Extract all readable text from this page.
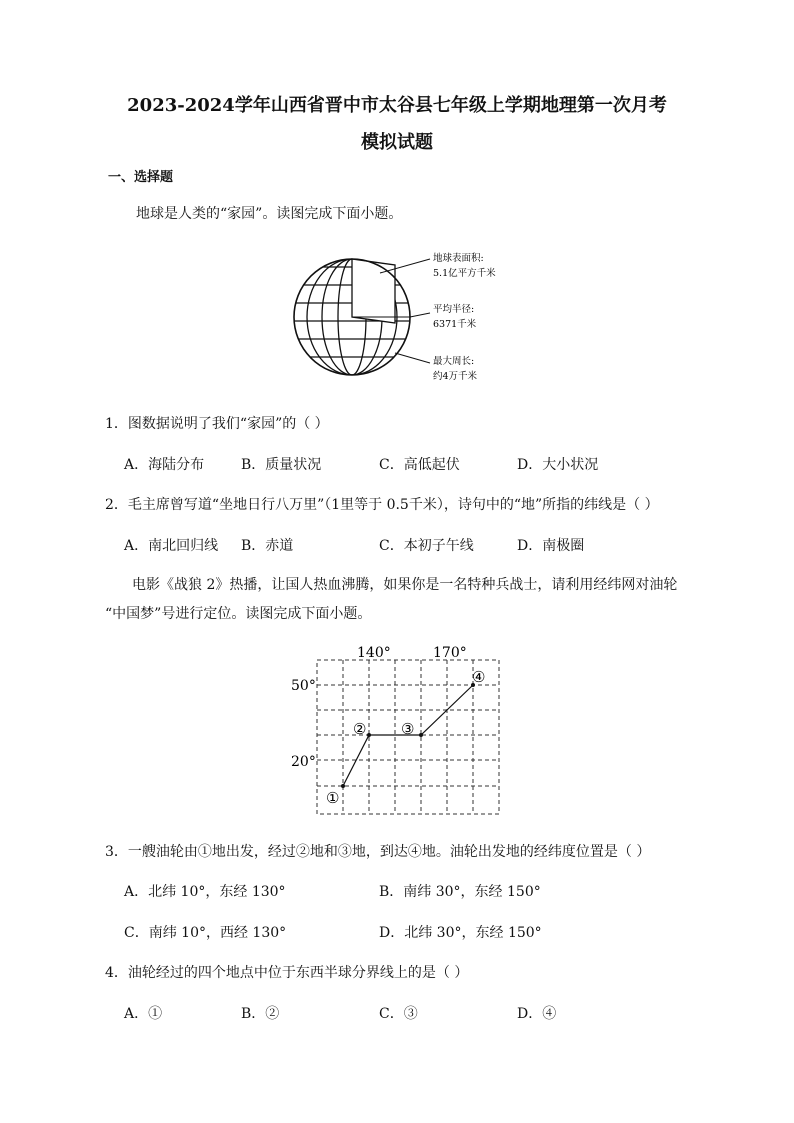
2023-2024学年山西省晋中市太谷县七年级上学期地理第一次月考
模拟试题
一、选择题
地球是人类的“家园”。读图完成下面小题。
地球表面积:
5.1亿平方千米
平均半径:
6371千米
最大周长:
约4万千米
1．图数据说明了我们“家园”的（ ）
A．海陆分布	B．质量状况	C．高低起伏	D．大小状况
2．毛主席曾写道“坐地日行八万里”（1里等于 0.5千米），诗句中的“地”所指的纬线是（ ）
A．南北回归线 B．赤道	C．本初子午线	D．南极圈
电影《战狼 2》热播，让国人热血沸腾，如果你是一名特种兵战士，请利用经纬网对油轮
“中国梦”号进行定位。读图完成下面小题。
140°	170°
50°
20°
①
② ③
④
3．一艘油轮由①地出发，经过②地和③地，到达④地。油轮出发地的经纬度位置是（ ）
A．北纬 10°，东经 130°	B．南纬 30°，东经 150°
C．南纬 10°，西经 130°	D．北纬 30°，东经 150°
4．油轮经过的四个地点中位于东西半球分界线上的是（ ）
A．①	B．②	C．③	D．④
